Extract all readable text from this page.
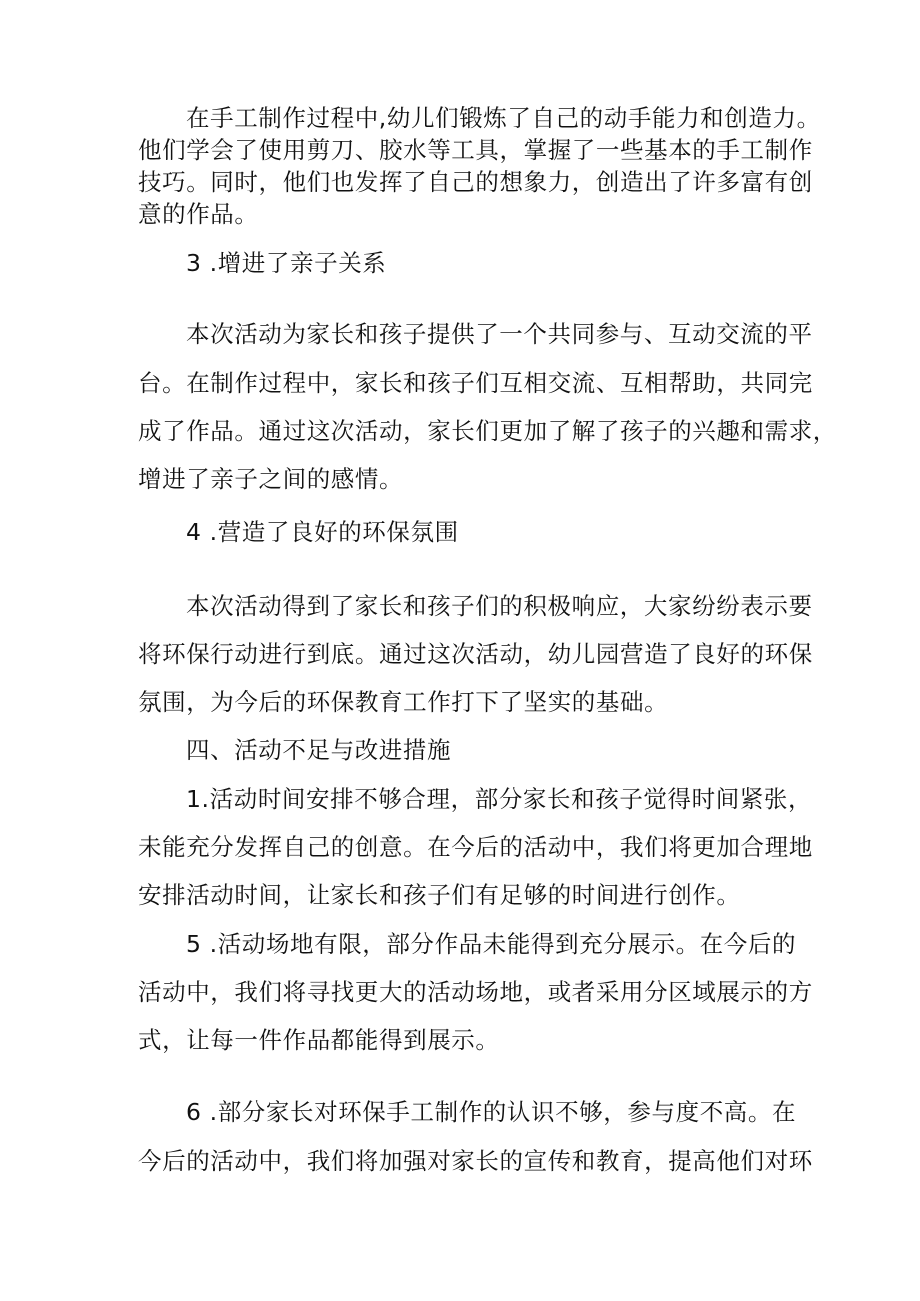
在手工制作过程中,幼儿们锻炼了自己的动手能力和创造力。
他们学会了使用剪刀、胶水等工具，掌握了一些基本的手工制作
技巧。同时，他们也发挥了自己的想象力，创造出了许多富有创
意的作品。
3 .增进了亲子关系
本次活动为家长和孩子提供了一个共同参与、互动交流的平
台。在制作过程中，家长和孩子们互相交流、互相帮助，共同完
成了作品。通过这次活动，家长们更加了解了孩子的兴趣和需求，
增进了亲子之间的感情。
4 .营造了良好的环保氛围
本次活动得到了家长和孩子们的积极响应，大家纷纷表示要
将环保行动进行到底。通过这次活动，幼儿园营造了良好的环保
氛围，为今后的环保教育工作打下了坚实的基础。
四、活动不足与改进措施
1.活动时间安排不够合理，部分家长和孩子觉得时间紧张，
未能充分发挥自己的创意。在今后的活动中，我们将更加合理地
安排活动时间，让家长和孩子们有足够的时间进行创作。
5 .活动场地有限，部分作品未能得到充分展示。在今后的
活动中，我们将寻找更大的活动场地，或者采用分区域展示的方
式，让每一件作品都能得到展示。
6 .部分家长对环保手工制作的认识不够，参与度不高。在
今后的活动中，我们将加强对家长的宣传和教育，提高他们对环
